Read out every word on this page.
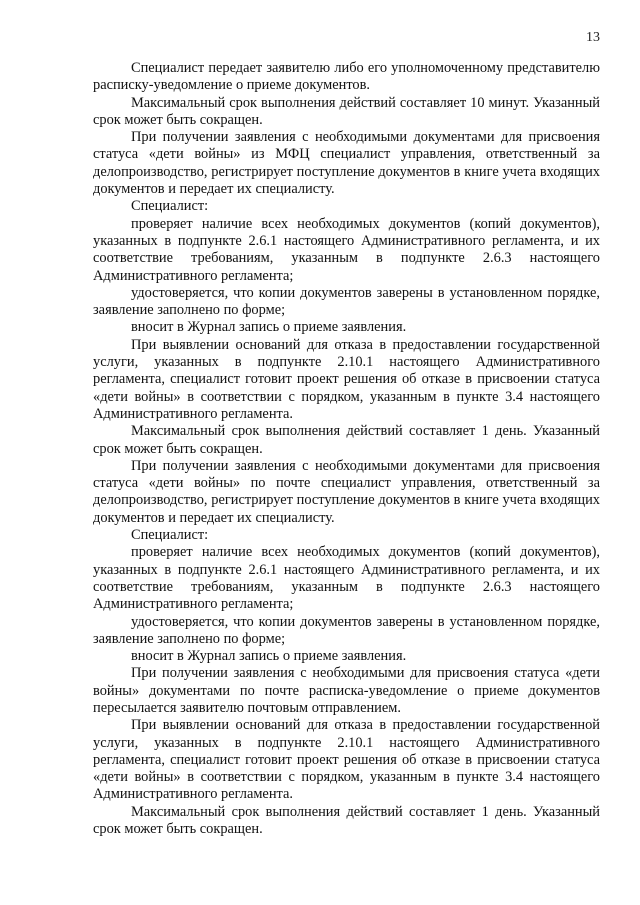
13

Специалист передает заявителю либо его уполномоченному представителю расписку-уведомление о приеме документов.

Максимальный срок выполнения действий составляет 10 минут. Указанный срок может быть сокращен.

При получении заявления с необходимыми документами для присвоения статуса «дети войны» из МФЦ специалист управления, ответственный за делопроизводство, регистрирует поступление документов в книге учета входящих документов и передает их специалисту.

Специалист:

проверяет наличие всех необходимых документов (копий документов), указанных в подпункте 2.6.1 настоящего Административного регламента, и их соответствие требованиям, указанным в подпункте 2.6.3 настоящего Административного регламента;

удостоверяется, что копии документов заверены в установленном порядке, заявление заполнено по форме;

вносит в Журнал запись о приеме заявления.

При выявлении оснований для отказа в предоставлении государственной услуги, указанных в подпункте 2.10.1 настоящего Административного регламента, специалист готовит проект решения об отказе в присвоении статуса «дети войны» в соответствии с порядком, указанным в пункте 3.4 настоящего Административного регламента.

Максимальный срок выполнения действий составляет 1 день. Указанный срок может быть сокращен.

При получении заявления с необходимыми документами для присвоения статуса «дети войны» по почте специалист управления, ответственный за делопроизводство, регистрирует поступление документов в книге учета входящих документов и передает их специалисту.

Специалист:

проверяет наличие всех необходимых документов (копий документов), указанных в подпункте 2.6.1 настоящего Административного регламента, и их соответствие требованиям, указанным в подпункте 2.6.3 настоящего Административного регламента;

удостоверяется, что копии документов заверены в установленном порядке, заявление заполнено по форме;

вносит в Журнал запись о приеме заявления.

При получении заявления с необходимыми для присвоения статуса «дети войны» документами по почте расписка-уведомление о приеме документов пересылается заявителю почтовым отправлением.

При выявлении оснований для отказа в предоставлении государственной услуги, указанных в подпункте 2.10.1 настоящего Административного регламента, специалист готовит проект решения об отказе в присвоении статуса «дети войны» в соответствии с порядком, указанным в пункте 3.4 настоящего Административного регламента.

Максимальный срок выполнения действий составляет 1 день. Указанный срок может быть сокращен.
